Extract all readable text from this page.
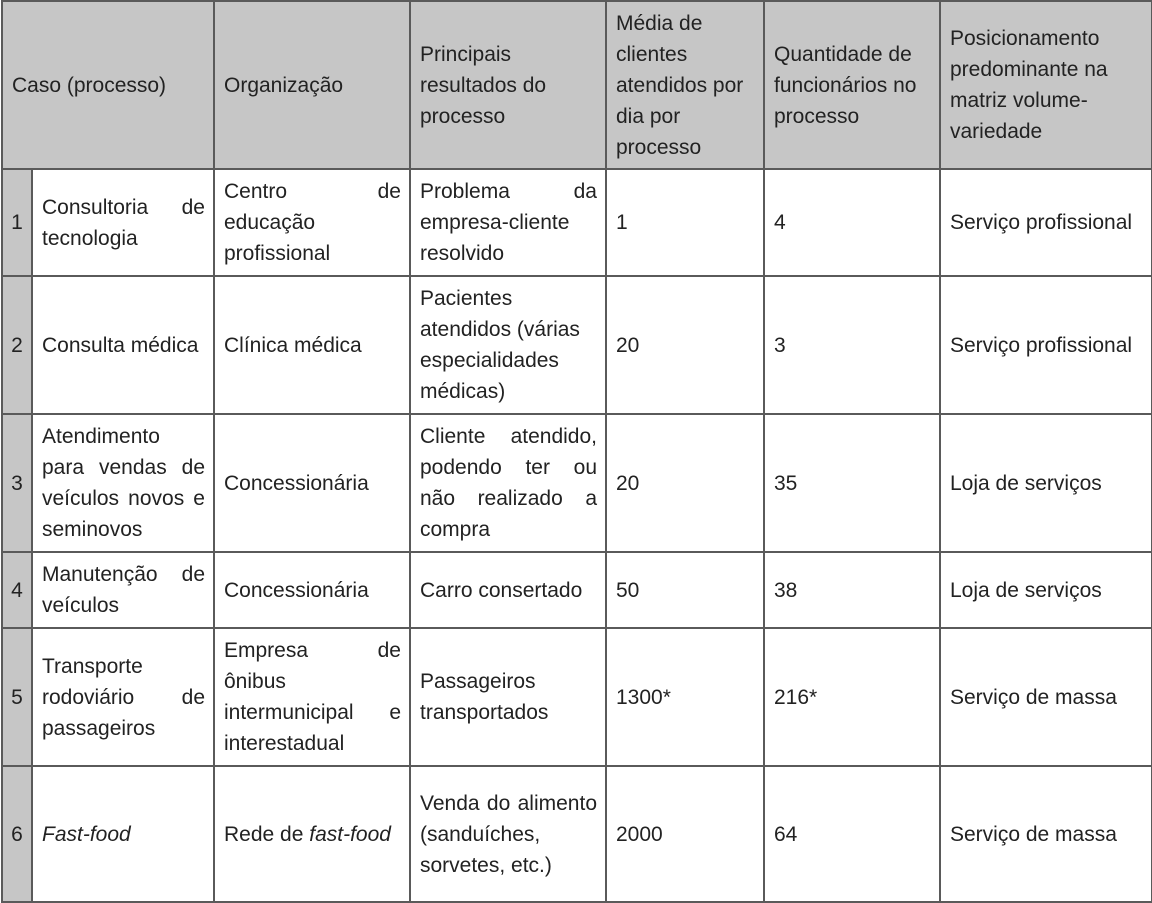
Caso (processo)		Organização	Principais resultados do processo	Média de clientes atendidos por dia por processo	Quantidade de funcionários no processo	Posicionamento predominante na matriz volume-variedade
1	Consultoria de tecnologia	Centro de educação profissional	Problema da empresa-cliente resolvido	1	4	Serviço profissional
2	Consulta médica	Clínica médica	Pacientes atendidos (várias especialidades médicas)	20	3	Serviço profissional
3	Atendimento para vendas de veículos novos e seminovos	Concessionária	Cliente atendido, podendo ter ou não realizado a compra	20	35	Loja de serviços
4	Manutenção de veículos	Concessionária	Carro consertado	50	38	Loja de serviços
5	Transporte rodoviário de passageiros	Empresa de ônibus intermunicipal e interestadual	Passageiros transportados	1300*	216*	Serviço de massa
6	Fast-food	Rede de fast-food	Venda do alimento (sanduíches, sorvetes, etc.)	2000	64	Serviço de massa
